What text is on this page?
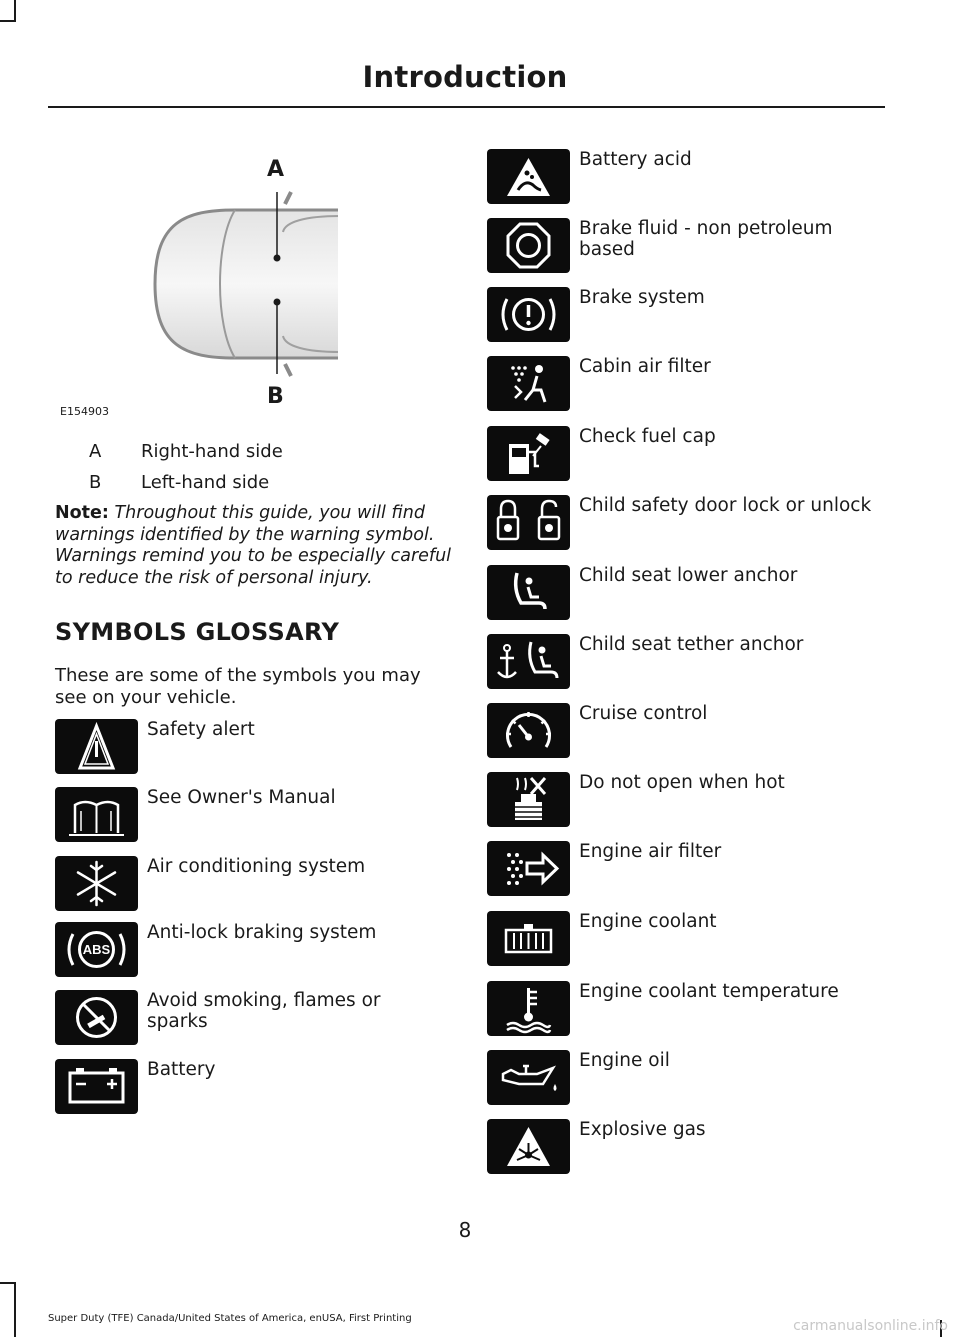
Introduction
A
B
E154903
A Right-hand side
B Left-hand side
Note: Throughout this guide, you will find warnings identified by the warning symbol. Warnings remind you to be especially careful to reduce the risk of personal injury.
SYMBOLS GLOSSARY
These are some of the symbols you may see on your vehicle.
Safety alert
See Owner's Manual
Air conditioning system
ABS
Anti-lock braking system
Avoid smoking, flames or sparks
Battery
Battery acid
Brake fluid - non petroleum based
Brake system
Cabin air filter
Check fuel cap
Child safety door lock or unlock
Child seat lower anchor
Child seat tether anchor
Cruise control
Do not open when hot
Engine air filter
Engine coolant
Engine coolant temperature
Engine oil
Explosive gas
8
Super Duty (TFE) Canada/United States of America, enUSA, First Printing	carmanualsonline.info
